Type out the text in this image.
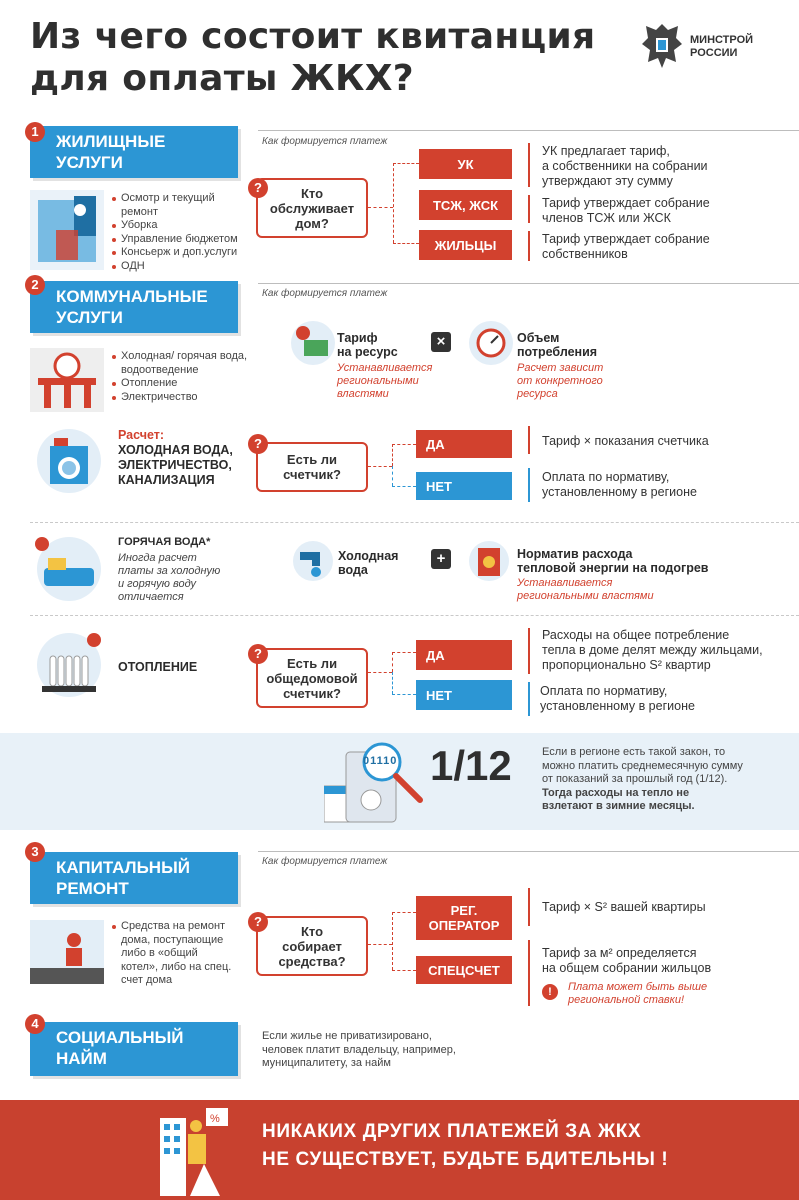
Из чего состоит квитанция
для оплаты ЖКХ?
МИНСТРОЙ
РОССИИ
ЖИЛИЩНЫЕ
УСЛУГИ
1
Как формируется платеж
Осмотр и текущий
ремонт
Уборка
Управление бюджетом
Консьерж и доп.услуги
ОДН
Кто
обслуживает
дом?
?
УК
ТСЖ, ЖСК
ЖИЛЬЦЫ
УК предлагает тариф,
а собственники на собрании
утверждают эту сумму
Тариф утверждает собрание
членов ТСЖ или ЖСК
Тариф утверждает собрание
собственников
КОММУНАЛЬНЫЕ
УСЛУГИ
2
Как формируется платеж
Холодная/ горячая вода,
водоотведение
Отопление
Электричество
Тариф
на ресурс
Устанавливается
региональными
властями
×	Объем
потребления
Расчет зависит
от конкретного
ресурса
Расчет:
ХОЛОДНАЯ ВОДА,
ЭЛЕКТРИЧЕСТВО,
КАНАЛИЗАЦИЯ
Есть ли
счетчик?
?	ДА
НЕТ
Тариф × показания счетчика
Оплата по нормативу,
установленному в регионе
ГОРЯЧАЯ ВОДА*
Иногда расчет
платы за холодную
и горячую воду
отличается
Холодная
вода
+	Норматив расхода
тепловой энергии на подогрев
Устанавливается
региональными властями
ОТОПЛЕНИЕ	Есть ли
общедомовой
счетчик?
?	ДА
НЕТ
Расходы на общее потребление
тепла в доме делят между жильцами,
пропорционально S² квартир
Оплата по нормативу,
установленному в регионе
01110 1/12	Если в регионе есть такой закон, то
можно платить среднемесячную сумму
от показаний за прошлый год (1/12).
Тогда расходы на тепло не
взлетают в зимние месяцы.
КАПИТАЛЬНЫЙ
РЕМОНТ
3
Как формируется платеж
Средства на ремонт
дома, поступающие
либо в «общий
котел», либо на спец.
счет дома
Кто
собирает
средства?
?
РЕГ.
ОПЕРАТОР
СПЕЦСЧЕТ
Тариф × S² вашей квартиры
Тариф за м² определяется
на общем собрании жильцов
!	Плата может быть выше
региональной ставки!
СОЦИАЛЬНЫЙ
НАЙМ
4
Если жилье не приватизировано,
человек платит владельцу, например,
муниципалитету, за найм
%
НИКАКИХ ДРУГИХ ПЛАТЕЖЕЙ ЗА ЖКХ
НЕ СУЩЕСТВУЕТ, БУДЬТЕ БДИТЕЛЬНЫ !
